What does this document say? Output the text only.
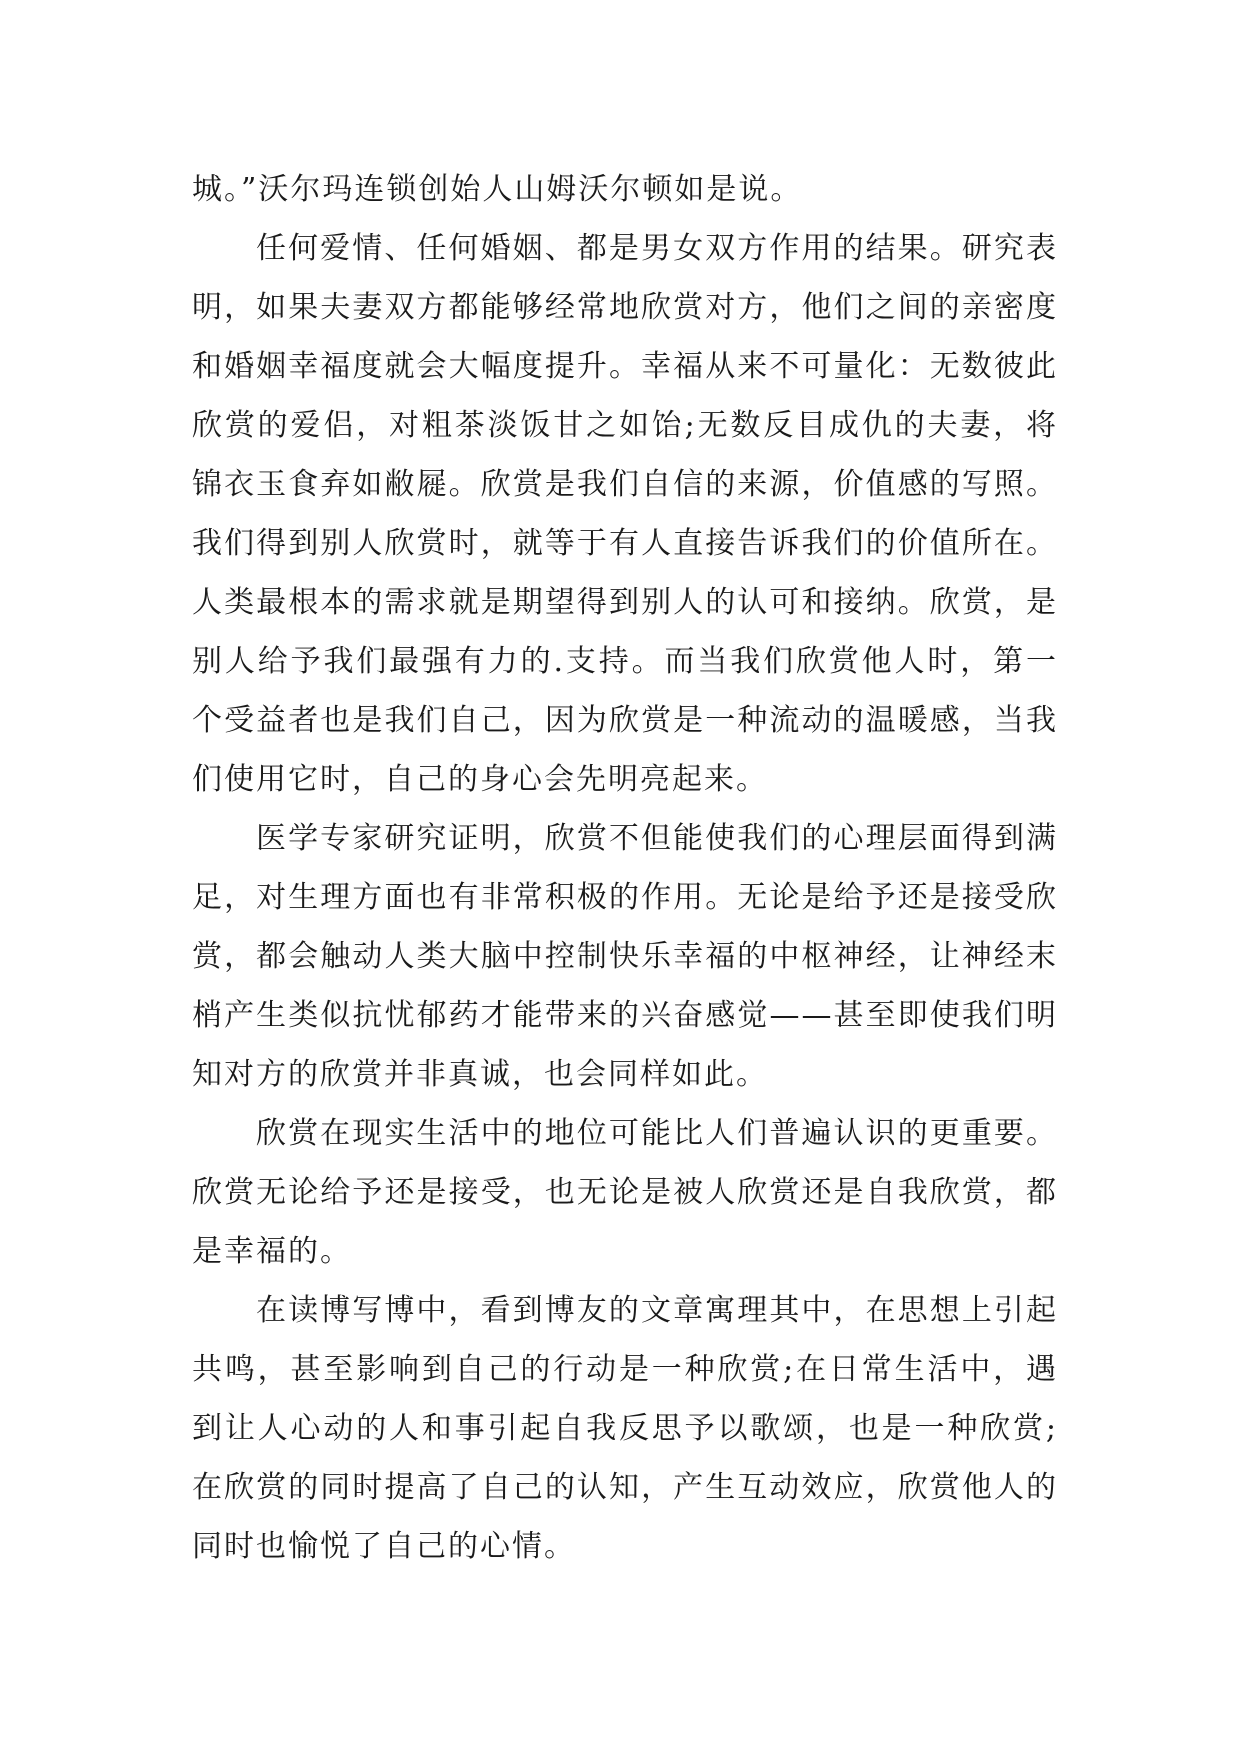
城。”沃尔玛连锁创始人山姆沃尔顿如是说。

任何爱情、任何婚姻、都是男女双方作用的结果。研究表明，如果夫妻双方都能够经常地欣赏对方，他们之间的亲密度和婚姻幸福度就会大幅度提升。幸福从来不可量化：无数彼此欣赏的爱侣，对粗茶淡饭甘之如饴;无数反目成仇的夫妻，将锦衣玉食弃如敝屣。欣赏是我们自信的来源，价值感的写照。我们得到别人欣赏时，就等于有人直接告诉我们的价值所在。人类最根本的需求就是期望得到别人的认可和接纳。欣赏，是别人给予我们最强有力的.支持。而当我们欣赏他人时，第一个受益者也是我们自己，因为欣赏是一种流动的温暖感，当我们使用它时，自己的身心会先明亮起来。

医学专家研究证明，欣赏不但能使我们的心理层面得到满足，对生理方面也有非常积极的作用。无论是给予还是接受欣赏，都会触动人类大脑中控制快乐幸福的中枢神经，让神经末梢产生类似抗忧郁药才能带来的兴奋感觉——甚至即使我们明知对方的欣赏并非真诚，也会同样如此。

欣赏在现实生活中的地位可能比人们普遍认识的更重要。欣赏无论给予还是接受，也无论是被人欣赏还是自我欣赏，都是幸福的。

在读博写博中，看到博友的文章寓理其中，在思想上引起共鸣，甚至影响到自己的行动是一种欣赏;在日常生活中，遇到让人心动的人和事引起自我反思予以歌颂，也是一种欣赏;在欣赏的同时提高了自己的认知，产生互动效应，欣赏他人的同时也愉悦了自己的心情。
